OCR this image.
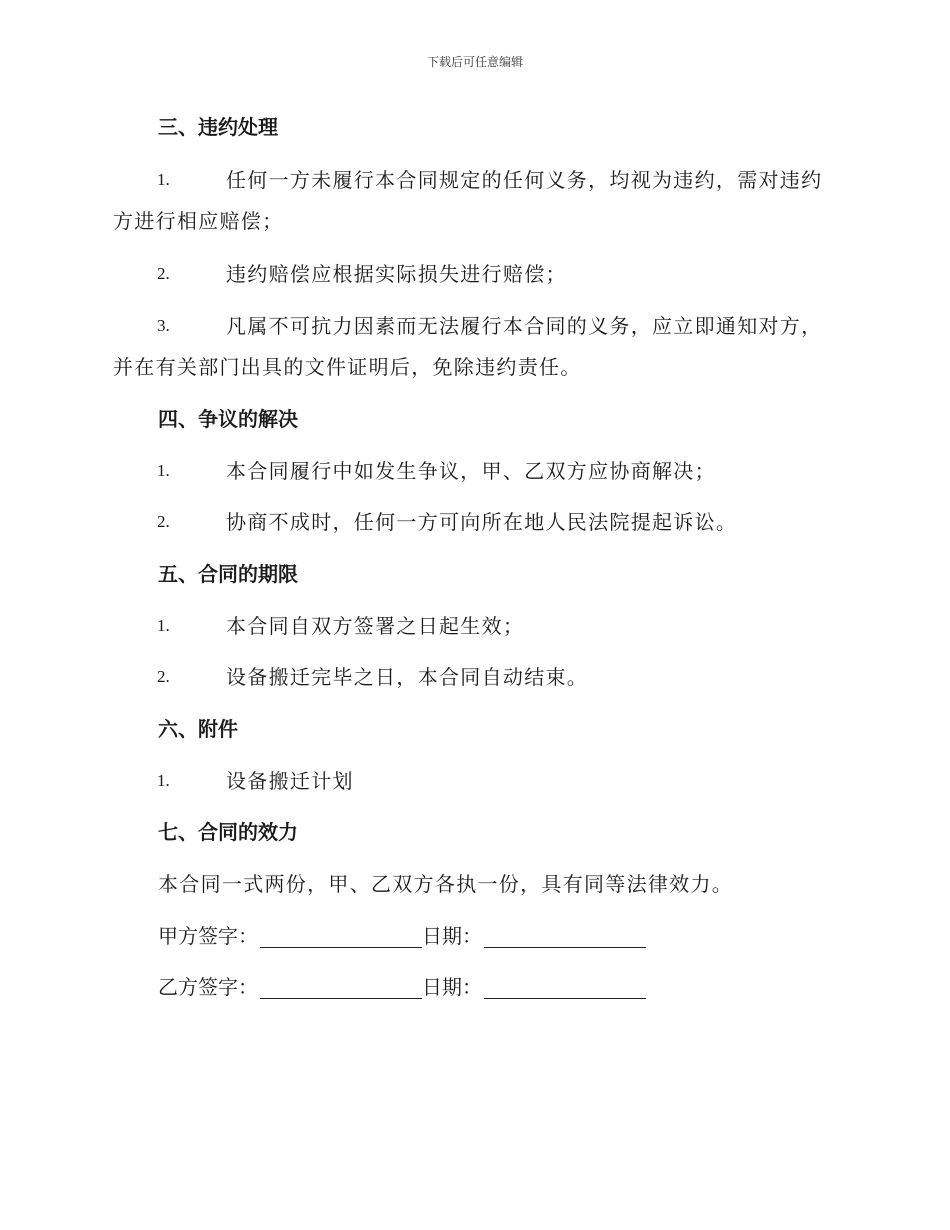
下载后可任意编辑
三、违约处理
1.	任何一方未履行本合同规定的任何义务，均视为违约，需对违约
方进行相应赔偿；
2.	违约赔偿应根据实际损失进行赔偿；
3.	凡属不可抗力因素而无法履行本合同的义务，应立即通知对方，
并在有关部门出具的文件证明后，免除违约责任。
四、争议的解决
1.	本合同履行中如发生争议，甲、乙双方应协商解决；
2.	协商不成时，任何一方可向所在地人民法院提起诉讼。
五、合同的期限
1.	本合同自双方签署之日起生效；
2.	设备搬迁完毕之日，本合同自动结束。
六、附件
1.	设备搬迁计划
七、合同的效力
本合同一式两份，甲、乙双方各执一份，具有同等法律效力。
甲方签字：	日期：
乙方签字：	日期：
